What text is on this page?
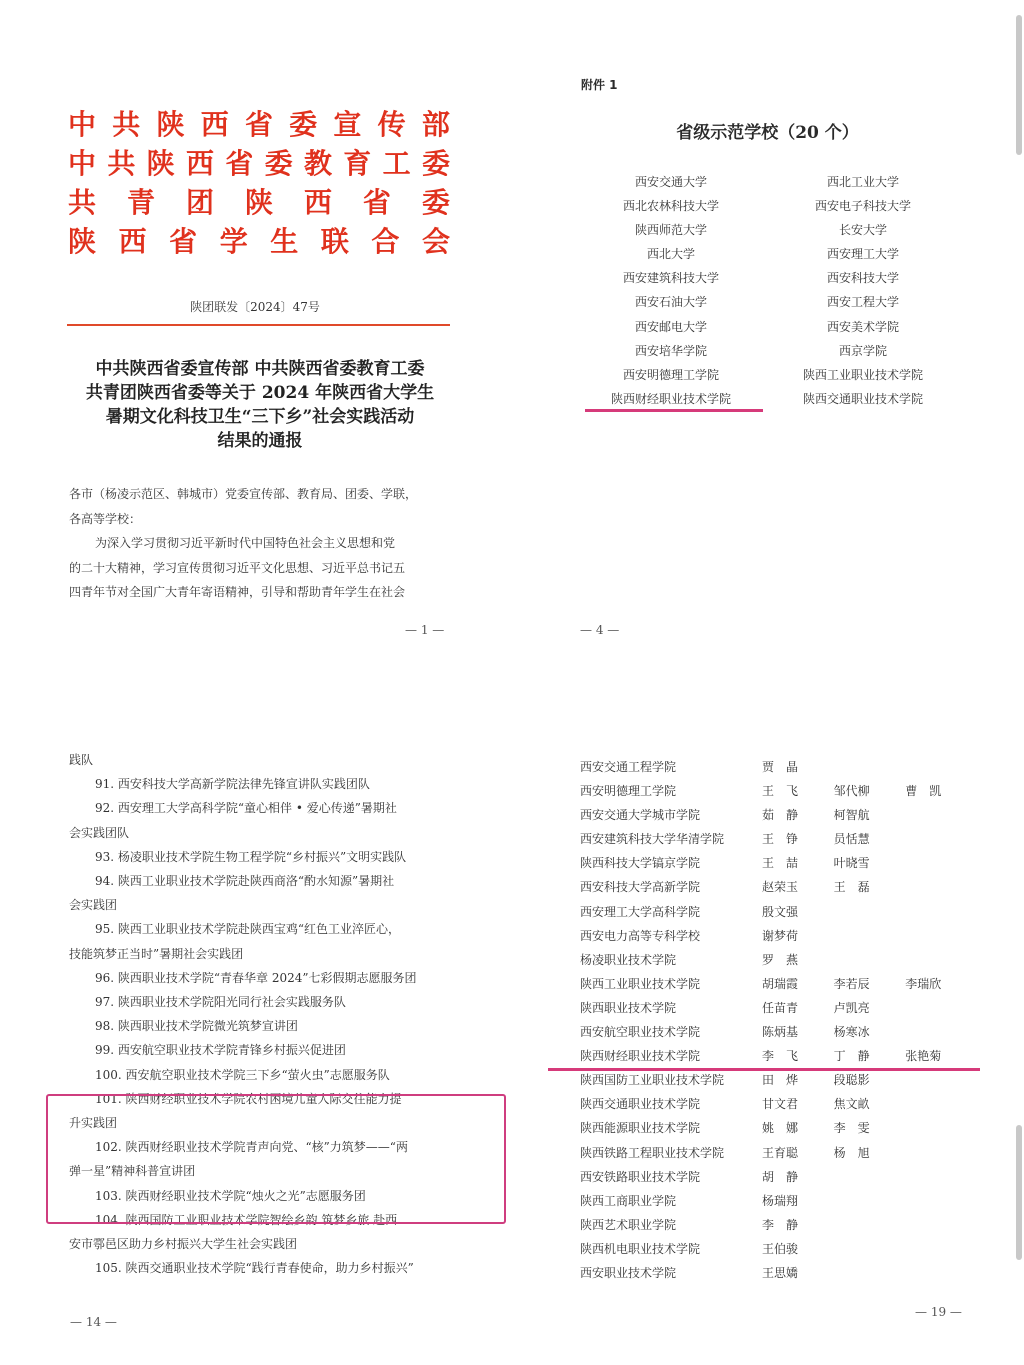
中 共 陕 西 省 委 宣 传 部
中 共 陕 西 省 委 教 育 工 委
共 青 团 陕 西 省 委
陕 西 省 学 生 联 合 会
陕团联发〔2024〕47号
中共陕西省委宣传部 中共陕西省委教育工委
共青团陕西省委等关于 2024 年陕西省大学生
暑期文化科技卫生“三下乡”社会实践活动
结果的通报

各市（杨凌示范区、韩城市）党委宣传部、教育局、团委、学联，

各高等学校：

为深入学习贯彻习近平新时代中国特色社会主义思想和党

的二十大精神，学习宣传贯彻习近平文化思想、习近平总书记五

四青年节对全国广大青年寄语精神，引导和帮助青年学生在社会

— 1 —
附件 1
省级示范学校（20 个）
西安交通大学	西北工业大学
西北农林科技大学	西安电子科技大学
陕西师范大学	长安大学
西北大学	西安理工大学
西安建筑科技大学	西安科技大学
西安石油大学	西安工程大学
西安邮电大学	西安美术学院
西安培华学院	西京学院
西安明德理工学院	陕西工业职业技术学院
陕西财经职业技术学院	陕西交通职业技术学院
— 4 —

践队

91. 西安科技大学高新学院法律先锋宣讲队实践团队

92. 西安理工大学高科学院“童心相伴 • 爱心传递”暑期社

会实践团队

93. 杨凌职业技术学院生物工程学院“乡村振兴”文明实践队

94. 陕西工业职业技术学院赴陕西商洛“酌水知源”暑期社

会实践团

95. 陕西工业职业技术学院赴陕西宝鸡“红色工业淬匠心，

技能筑梦正当时”暑期社会实践团

96. 陕西职业技术学院“青春华章 2024”七彩假期志愿服务团

97. 陕西职业技术学院阳光同行社会实践服务队

98. 陕西职业技术学院微光筑梦宣讲团

99. 西安航空职业技术学院青锋乡村振兴促进团

100. 西安航空职业技术学院三下乡“萤火虫”志愿服务队

101. 陕西财经职业技术学院农村困境儿童人际交往能力提

升实践团

102. 陕西财经职业技术学院青声向党、“核”力筑梦——“两

弹一星”精神科普宣讲团

103. 陕西财经职业技术学院“烛火之光”志愿服务团

104. 陕西国防工业职业技术学院智绘乡韵 筑梦乡旅 赴西

安市鄠邑区助力乡村振兴大学生社会实践团

105. 陕西交通职业技术学院“践行青春使命，助力乡村振兴”

— 14 —
西安交通工程学院	贾　晶
西安明德理工学院	王　飞	邹代柳	曹　凯
西安交通大学城市学院	茹　静	柯智航
西安建筑科技大学华清学院	王　铮	员恬慧
陕西科技大学镐京学院	王　喆	叶晓雪
西安科技大学高新学院	赵荣玉	王　磊
西安理工大学高科学院	殷文强
西安电力高等专科学校	谢梦荷
杨凌职业技术学院	罗　燕
陕西工业职业技术学院	胡瑞霞	李若辰	李瑞欣
陕西职业技术学院	任苗青	卢凯亮
西安航空职业技术学院	陈炳基	杨寒冰
陕西财经职业技术学院	李　飞	丁　静	张艳菊
陕西国防工业职业技术学院	田　烨	段聪影
陕西交通职业技术学院	甘文君	焦文畝
陕西能源职业技术学院	姚　娜	李　雯
陕西铁路工程职业技术学院	王育聪	杨　旭
西安铁路职业技术学院	胡　静
陕西工商职业学院	杨瑞翔
陕西艺术职业学院	李　静
陕西机电职业技术学院	王伯骏
西安职业技术学院	王思嬌
— 19 —
